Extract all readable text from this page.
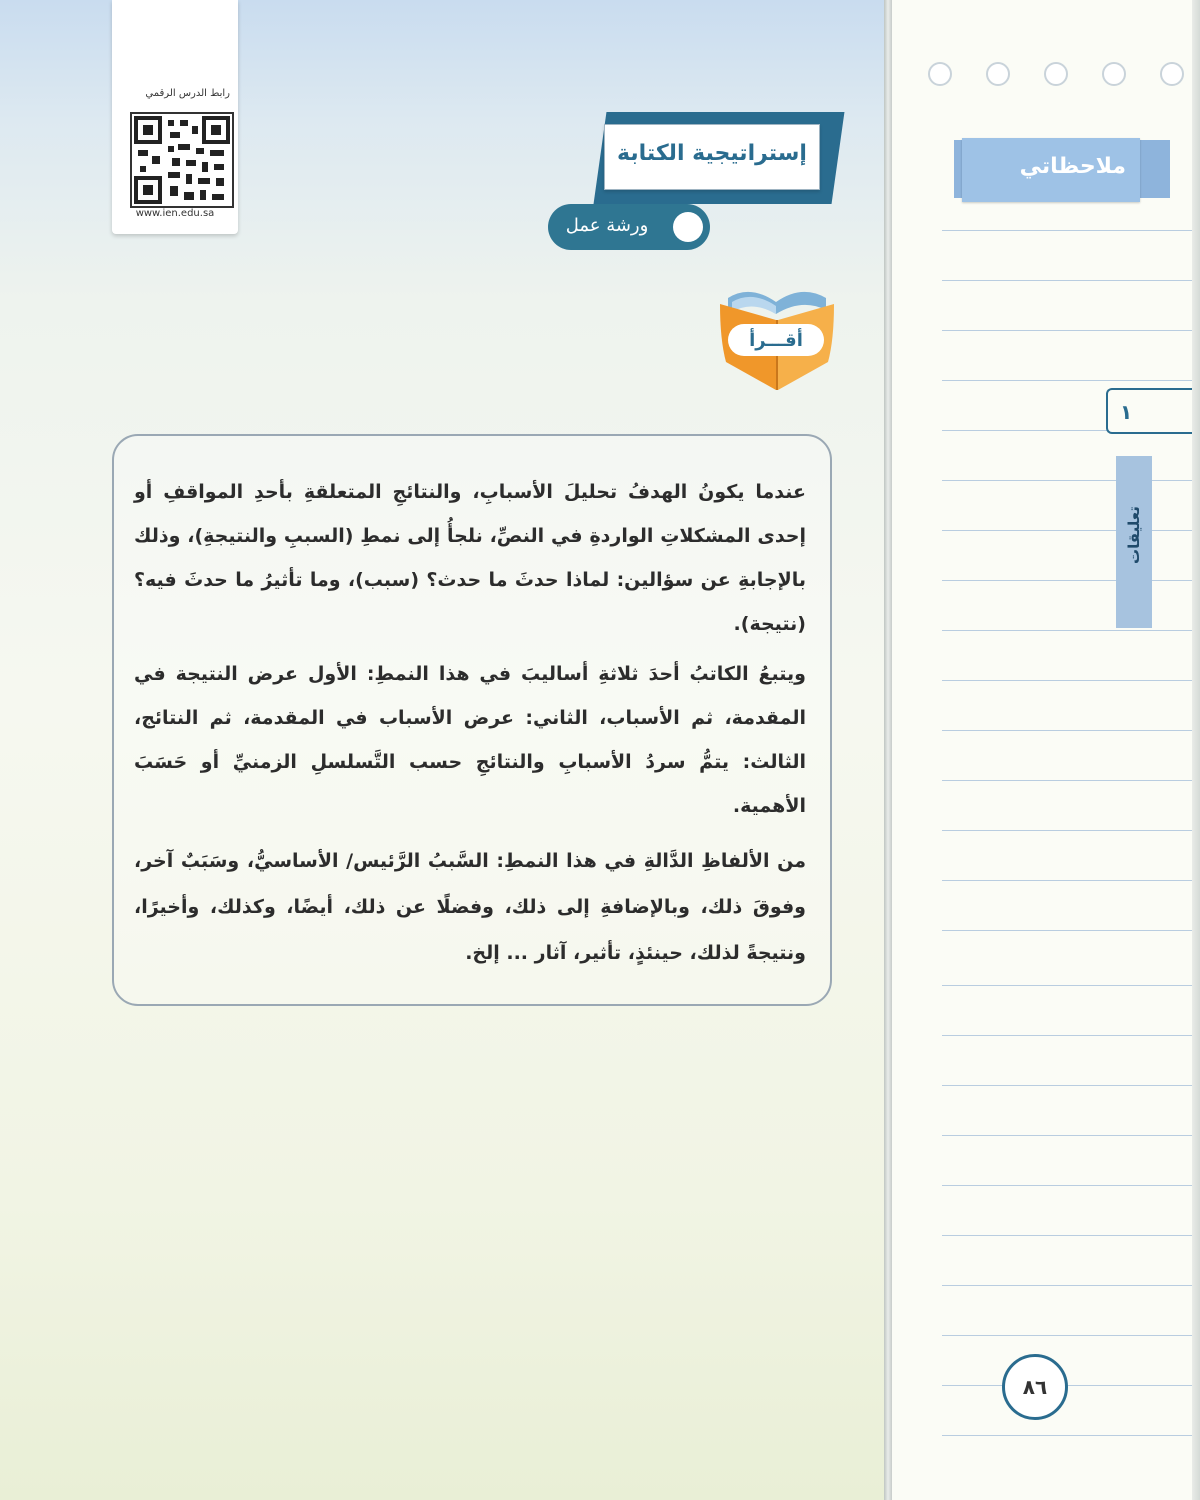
رابط الدرس الرقمي
www.ien.edu.sa
إستراتيجية الكتابة
ورشة عمل
أقـــرأ
عندما يكونُ الهدفُ تحليلَ الأسبابِ، والنتائجِ المتعلقةِ بأحدِ المواقفِ أو إحدى المشكلاتِ الواردةِ في النصِّ، نلجأُ إلى نمطِ (السببِ والنتيجةِ)، وذلك بالإجابةِ عن سؤالين: لماذا حدثَ ما حدث؟ (سبب)، وما تأثيرُ ما حدثَ فيه؟ (نتيجة).
ويتبعُ الكاتبُ أحدَ ثلاثةِ أساليبَ في هذا النمطِ: الأول عرض النتيجة في المقدمة، ثم الأسباب، الثاني: عرض الأسباب في المقدمة، ثم النتائج، الثالث: يتمُّ سردُ الأسبابِ والنتائجِ حسب التَّسلسلِ الزمنيِّ أو حَسَبَ الأهمية.
من الألفاظِ الدَّالةِ في هذا النمطِ: السَّببُ الرَّئيس/ الأساسيُّ، وسَبَبٌ آخر، وفوقَ ذلك، وبالإضافةِ إلى ذلك، وفضلًا عن ذلك، أيضًا، وكذلك، وأخيرًا، ونتيجةً لذلك، حينئذٍ، تأثير، آثار ... إلخ.
ملاحظاتي
١
تعليقات
٨٦
